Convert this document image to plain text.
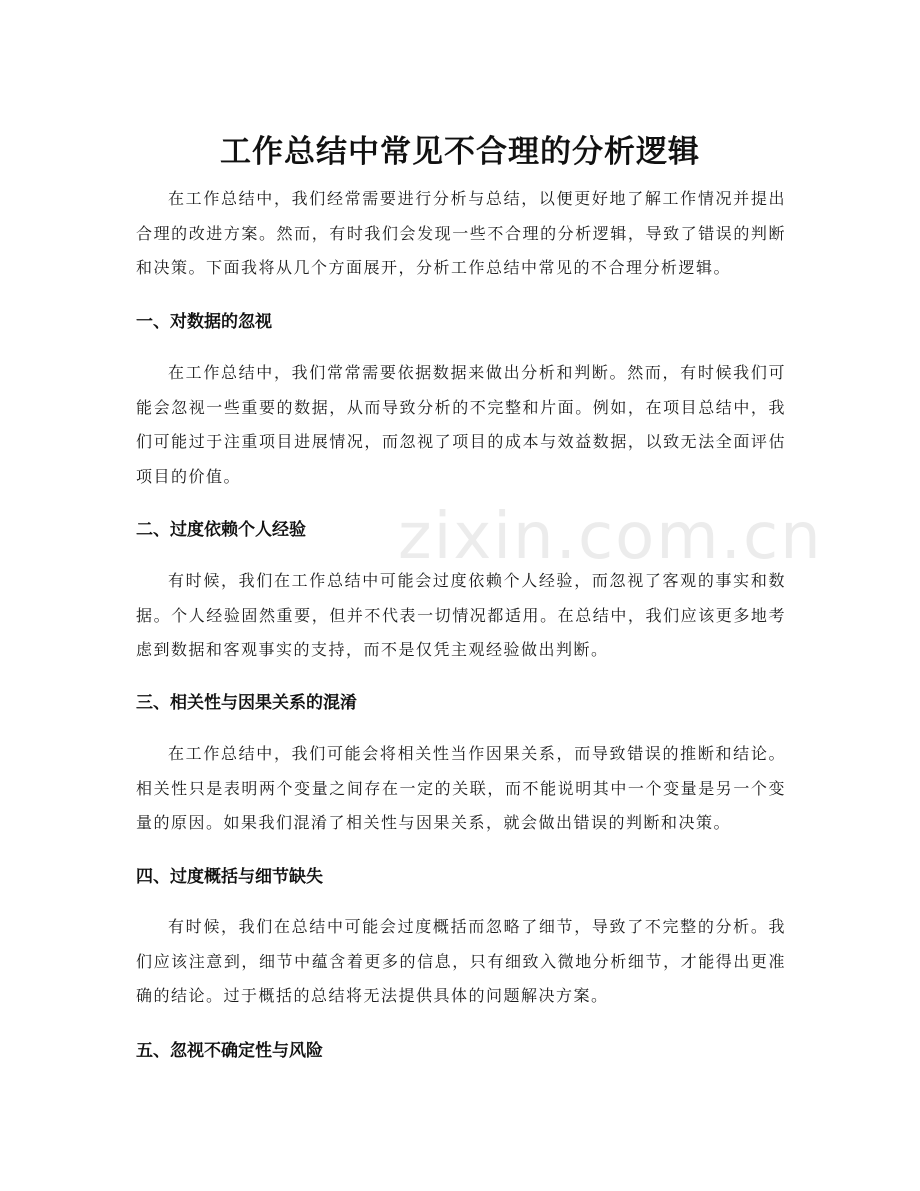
zixin.com.cn
工作总结中常见不合理的分析逻辑

在工作总结中，我们经常需要进行分析与总结，以便更好地了解工作情况并提出合理的改进方案。然而，有时我们会发现一些不合理的分析逻辑，导致了错误的判断和决策。下面我将从几个方面展开，分析工作总结中常见的不合理分析逻辑。

一、对数据的忽视

在工作总结中，我们常常需要依据数据来做出分析和判断。然而，有时候我们可能会忽视一些重要的数据，从而导致分析的不完整和片面。例如，在项目总结中，我们可能过于注重项目进展情况，而忽视了项目的成本与效益数据，以致无法全面评估项目的价值。

二、过度依赖个人经验

有时候，我们在工作总结中可能会过度依赖个人经验，而忽视了客观的事实和数据。个人经验固然重要，但并不代表一切情况都适用。在总结中，我们应该更多地考虑到数据和客观事实的支持，而不是仅凭主观经验做出判断。

三、相关性与因果关系的混淆

在工作总结中，我们可能会将相关性当作因果关系，而导致错误的推断和结论。相关性只是表明两个变量之间存在一定的关联，而不能说明其中一个变量是另一个变量的原因。如果我们混淆了相关性与因果关系，就会做出错误的判断和决策。

四、过度概括与细节缺失

有时候，我们在总结中可能会过度概括而忽略了细节，导致了不完整的分析。我们应该注意到，细节中蕴含着更多的信息，只有细致入微地分析细节，才能得出更准确的结论。过于概括的总结将无法提供具体的问题解决方案。

五、忽视不确定性与风险
